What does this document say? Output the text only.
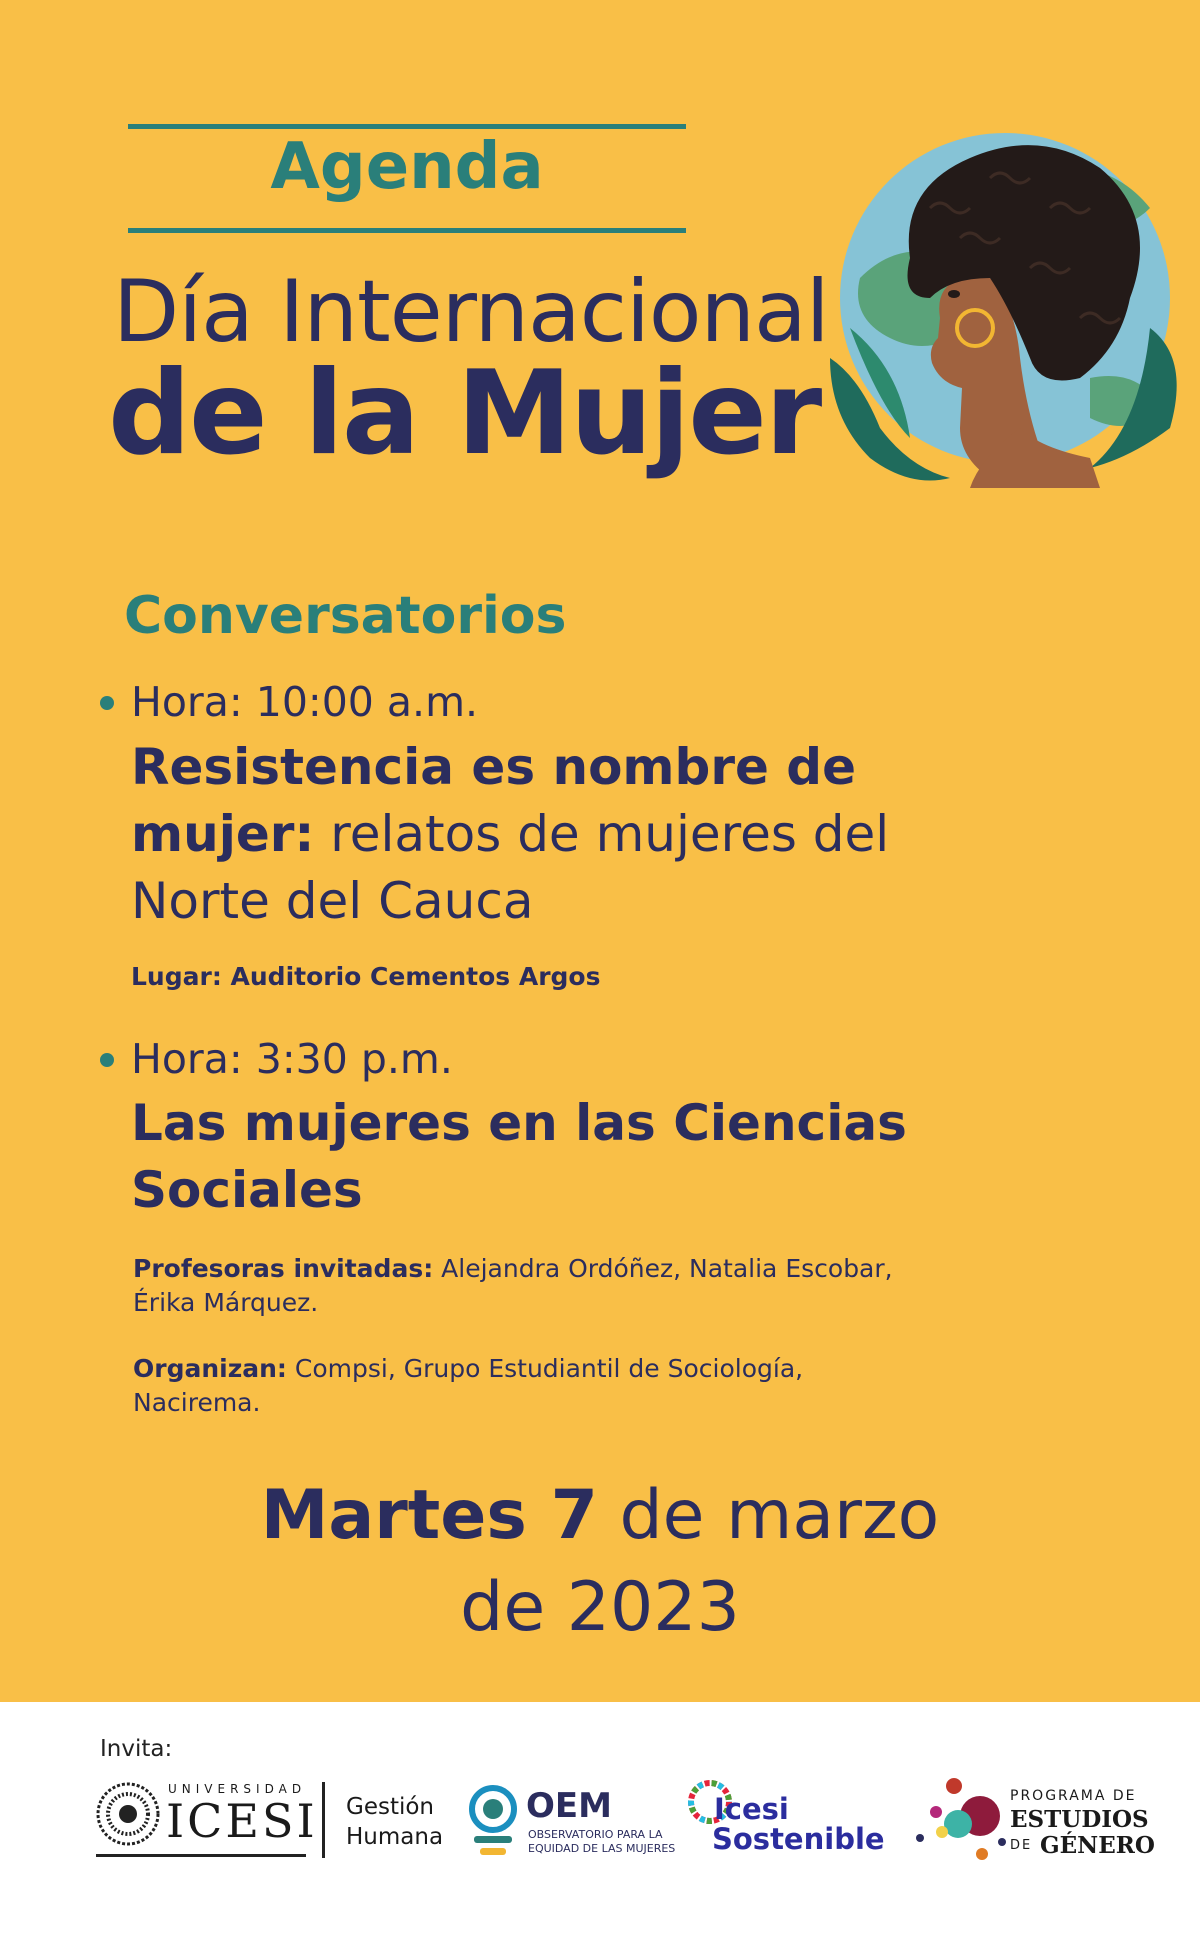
Agenda
Día Internacional
de la Mujer
Conversatorios
Hora: 10:00 a.m.
Resistencia es nombre de mujer: relatos de mujeres del Norte del Cauca
Lugar: Auditorio Cementos Argos
Hora: 3:30 p.m.
Las mujeres en las Ciencias Sociales
Profesoras invitadas: Alejandra Ordóñez, Natalia Escobar, Érika Márquez.
Organizan: Compsi, Grupo Estudiantil de Sociología, Nacirema.
Martes 7 de marzo
de 2023
Invita:
UNIVERSIDAD
ICESI Gestión
Humana
OEM
OBSERVATORIO PARA LA
EQUIDAD DE LAS MUJERES
Icesi
Sostenible
PROGRAMA DE
ESTUDIOS
DE GÉNERO
